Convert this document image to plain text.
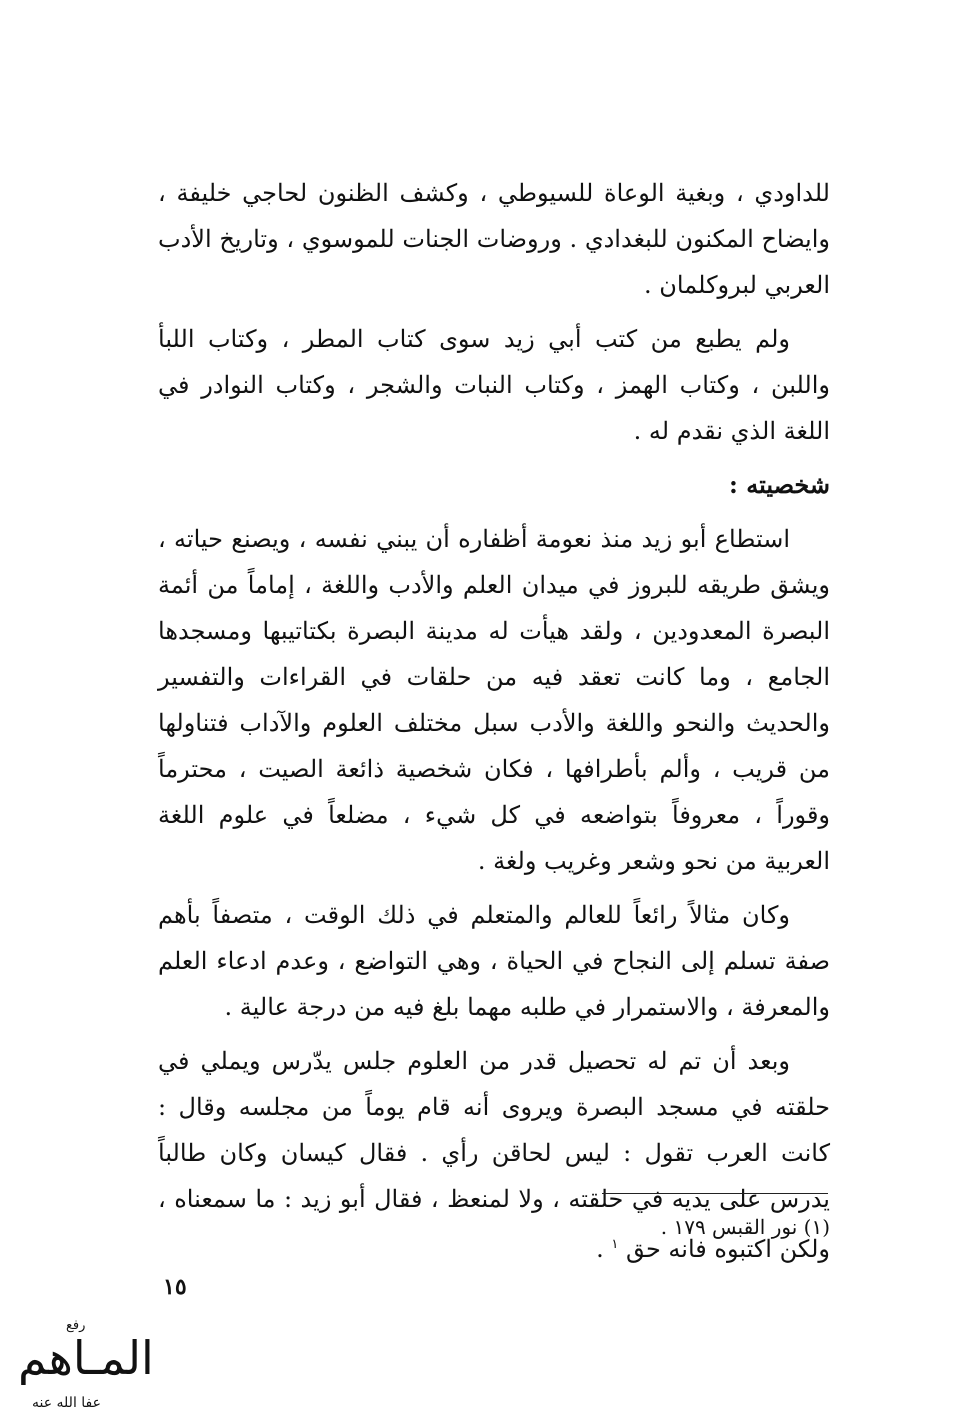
للداودي ، وبغية الوعاة للسيوطي ، وكشف الظنون لحاجي خليفة ، وايضاح المكنون للبغدادي . وروضات الجنات للموسوي ، وتاريخ الأدب العربي لبروكلمان .

ولم يطبع من كتب أبي زيد سوى كتاب المطر ، وكتاب اللبأ واللبن ، وكتاب الهمز ، وكتاب النبات والشجر ، وكتاب النوادر في اللغة الذي نقدم له .

شخصيته :

استطاع أبو زيد منذ نعومة أظفاره أن يبني نفسه ، ويصنع حياته ، ويشق طريقه للبروز في ميدان العلم والأدب واللغة ، إماماً من أئمة البصرة المعدودين ، ولقد هيأت له مدينة البصرة بكتاتيبها ومسجدها الجامع ، وما كانت تعقد فيه من حلقات في القراءات والتفسير والحديث والنحو واللغة والأدب سبل مختلف العلوم والآداب فتناولها من قريب ، وألم بأطرافها ، فكان شخصية ذائعة الصيت ، محترماً وقوراً ، معروفاً بتواضعه في كل شيء ، مضلعاً في علوم اللغة العربية من نحو وشعر وغريب ولغة .

وكان مثالاً رائعاً للعالم والمتعلم في ذلك الوقت ، متصفاً بأهم صفة تسلم إلى النجاح في الحياة ، وهي التواضع ، وعدم ادعاء العلم والمعرفة ، والاستمرار في طلبه مهما بلغ فيه من درجة عالية .

وبعد أن تم له تحصيل قدر من العلوم جلس يدّرس ويملي في حلقته في مسجد البصرة ويروى أنه قام يوماً من مجلسه وقال : كانت العرب تقول : ليس لحاقن رأي . فقال كيسان وكان طالباً يدرس على يديه في حلقته ، ولا لمنعظ ، فقال أبو زيد : ما سمعناه ، ولكن اكتبوه فانه حق $^١$ .

(١) نور القبس ١٧٩ .

١٥

رفع
المـاهم
عفا الله عنه
